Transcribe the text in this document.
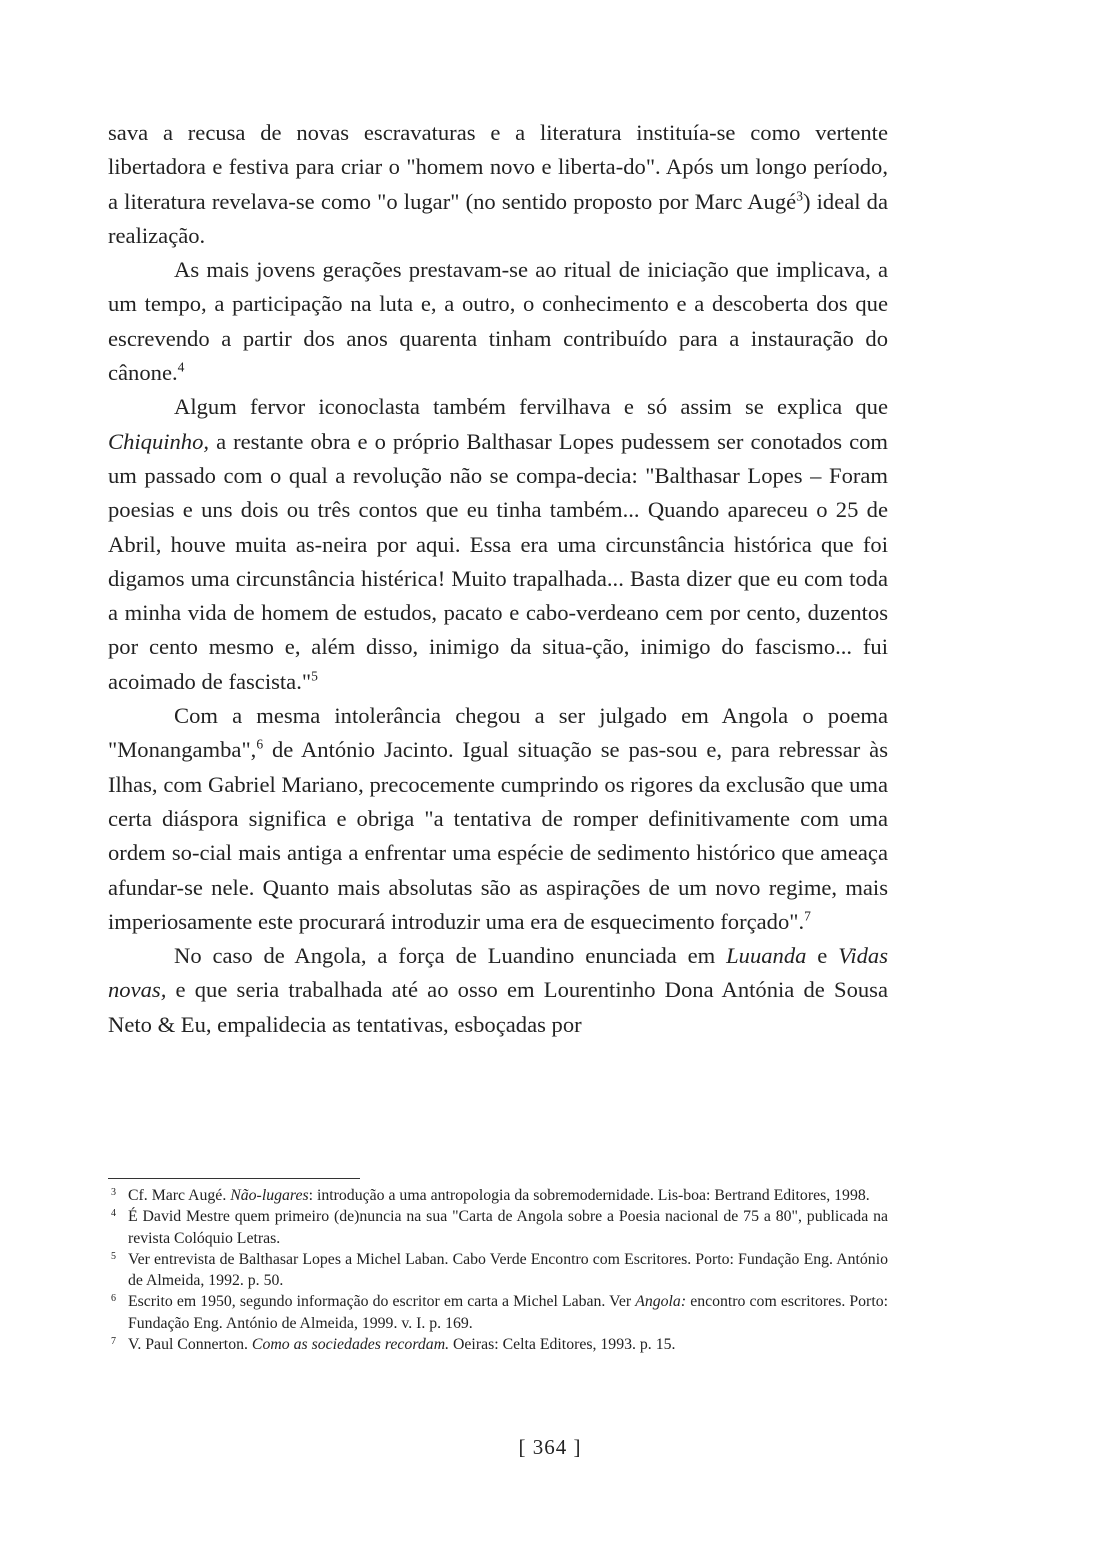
sava a recusa de novas escravaturas e a literatura instituía-se como vertente libertadora e festiva para criar o "homem novo e liberta-do". Após um longo período, a literatura revelava-se como "o lugar" (no sentido proposto por Marc Augé$^3$) ideal da realização.

As mais jovens gerações prestavam-se ao ritual de iniciação que implicava, a um tempo, a participação na luta e, a outro, o conhecimento e a descoberta dos que escrevendo a partir dos anos quarenta tinham contribuído para a instauração do cânone.$^4$

Algum fervor iconoclasta também fervilhava e só assim se explica que Chiquinho, a restante obra e o próprio Balthasar Lopes pudessem ser conotados com um passado com o qual a revolução não se compa-decia: "Balthasar Lopes – Foram poesias e uns dois ou três contos que eu tinha também... Quando apareceu o 25 de Abril, houve muita as-neira por aqui. Essa era uma circunstância histórica que foi digamos uma circunstância histérica! Muito trapalhada... Basta dizer que eu com toda a minha vida de homem de estudos, pacato e cabo-verdeano cem por cento, duzentos por cento mesmo e, além disso, inimigo da situa-ção, inimigo do fascismo... fui acoimado de fascista."$^5$

Com a mesma intolerância chegou a ser julgado em Angola o poema "Monangamba",$^6$ de António Jacinto. Igual situação se pas-sou e, para rebressar às Ilhas, com Gabriel Mariano, precocemente cumprindo os rigores da exclusão que uma certa diáspora significa e obriga "a tentativa de romper definitivamente com uma ordem so-cial mais antiga a enfrentar uma espécie de sedimento histórico que ameaça afundar-se nele. Quanto mais absolutas são as aspirações de um novo regime, mais imperiosamente este procurará introduzir uma era de esquecimento forçado".$^7$

No caso de Angola, a força de Luandino enunciada em Luuanda e Vidas novas, e que seria trabalhada até ao osso em Lourentinho Dona Antónia de Sousa Neto & Eu, empalidecia as tentativas, esboçadas por

3 Cf. Marc Augé. Não-lugares: introdução a uma antropologia da sobremodernidade. Lis-boa: Bertrand Editores, 1998.
4 É David Mestre quem primeiro (de)nuncia na sua "Carta de Angola sobre a Poesia nacional de 75 a 80", publicada na revista Colóquio Letras.
5 Ver entrevista de Balthasar Lopes a Michel Laban. Cabo Verde Encontro com Escritores. Porto: Fundação Eng. António de Almeida, 1992. p. 50.
6 Escrito em 1950, segundo informação do escritor em carta a Michel Laban. Ver Angola: encontro com escritores. Porto: Fundação Eng. António de Almeida, 1999. v. I. p. 169.
7 V. Paul Connerton. Como as sociedades recordam. Oeiras: Celta Editores, 1993. p. 15.
[ 364 ]
